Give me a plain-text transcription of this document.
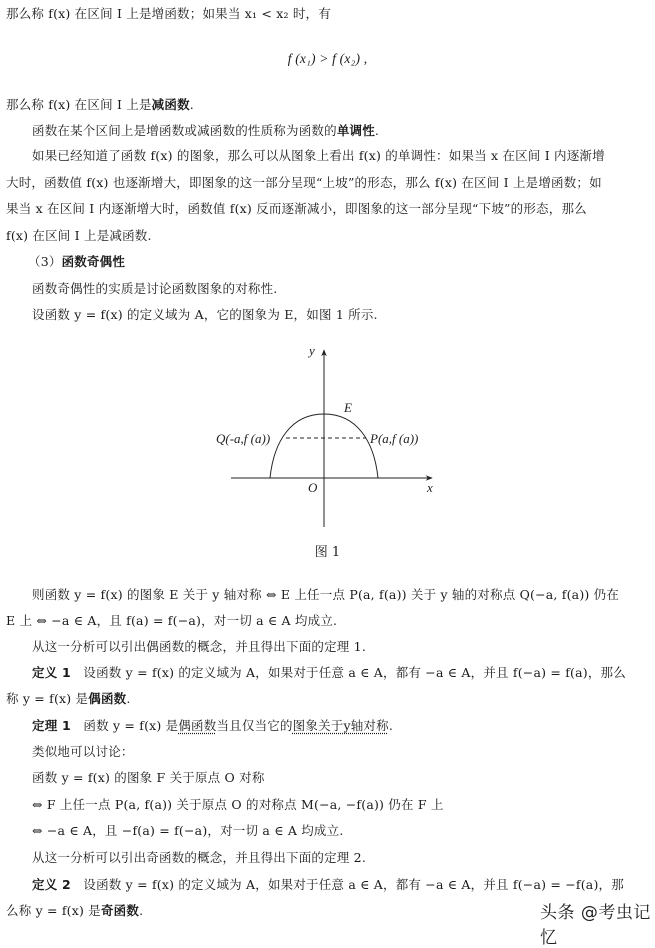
那么称 f(x) 在区间 I 上是增函数；如果当 x₁ < x₂ 时，有
f (x₁) > f (x₂) ,
那么称 f(x) 在区间 I 上是减函数.
函数在某个区间上是增函数或减函数的性质称为函数的单调性.
如果已经知道了函数 f(x) 的图象，那么可以从图象上看出 f(x) 的单调性：如果当 x 在区间 I 内逐渐增
大时，函数值 f(x) 也逐渐增大，即图象的这一部分呈现“上坡”的形态，那么 f(x) 在区间 I 上是增函数；如
果当 x 在区间 I 内逐渐增大时，函数值 f(x) 反而逐渐减小，即图象的这一部分呈现“下坡”的形态，那么
f(x) 在区间 I 上是减函数.
（3）函数奇偶性
函数奇偶性的实质是讨论函数图象的对称性.
设函数 y = f(x) 的定义域为 A，它的图象为 E，如图 1 所示.
y
x
O
E
Q(-a,f (a))	P(a,f (a))
图 1
则函数 y = f(x) 的图象 E 关于 y 轴对称 ⇔ E 上任一点 P(a, f(a)) 关于 y 轴的对称点 Q(−a, f(a)) 仍在
E 上 ⇔ −a ∈ A，且 f(a) = f(−a)，对一切 a ∈ A 均成立.
从这一分析可以引出偶函数的概念，并且得出下面的定理 1.
定义 1 设函数 y = f(x) 的定义域为 A，如果对于任意 a ∈ A，都有 −a ∈ A，并且 f(−a) = f(a)，那么
称 y = f(x) 是偶函数.
定理 1 函数 y = f(x) 是偶函数当且仅当它的图象关于y轴对称.
类似地可以讨论：
函数 y = f(x) 的图象 F 关于原点 O 对称
⇔ F 上任一点 P(a, f(a)) 关于原点 O 的对称点 M(−a, −f(a)) 仍在 F 上
⇔ −a ∈ A，且 −f(a) = f(−a)，对一切 a ∈ A 均成立.
从这一分析可以引出奇函数的概念，并且得出下面的定理 2.
定义 2 设函数 y = f(x) 的定义域为 A，如果对于任意 a ∈ A，都有 −a ∈ A，并且 f(−a) = −f(a)，那
么称 y = f(x) 是奇函数.	头条 @考虫记忆
